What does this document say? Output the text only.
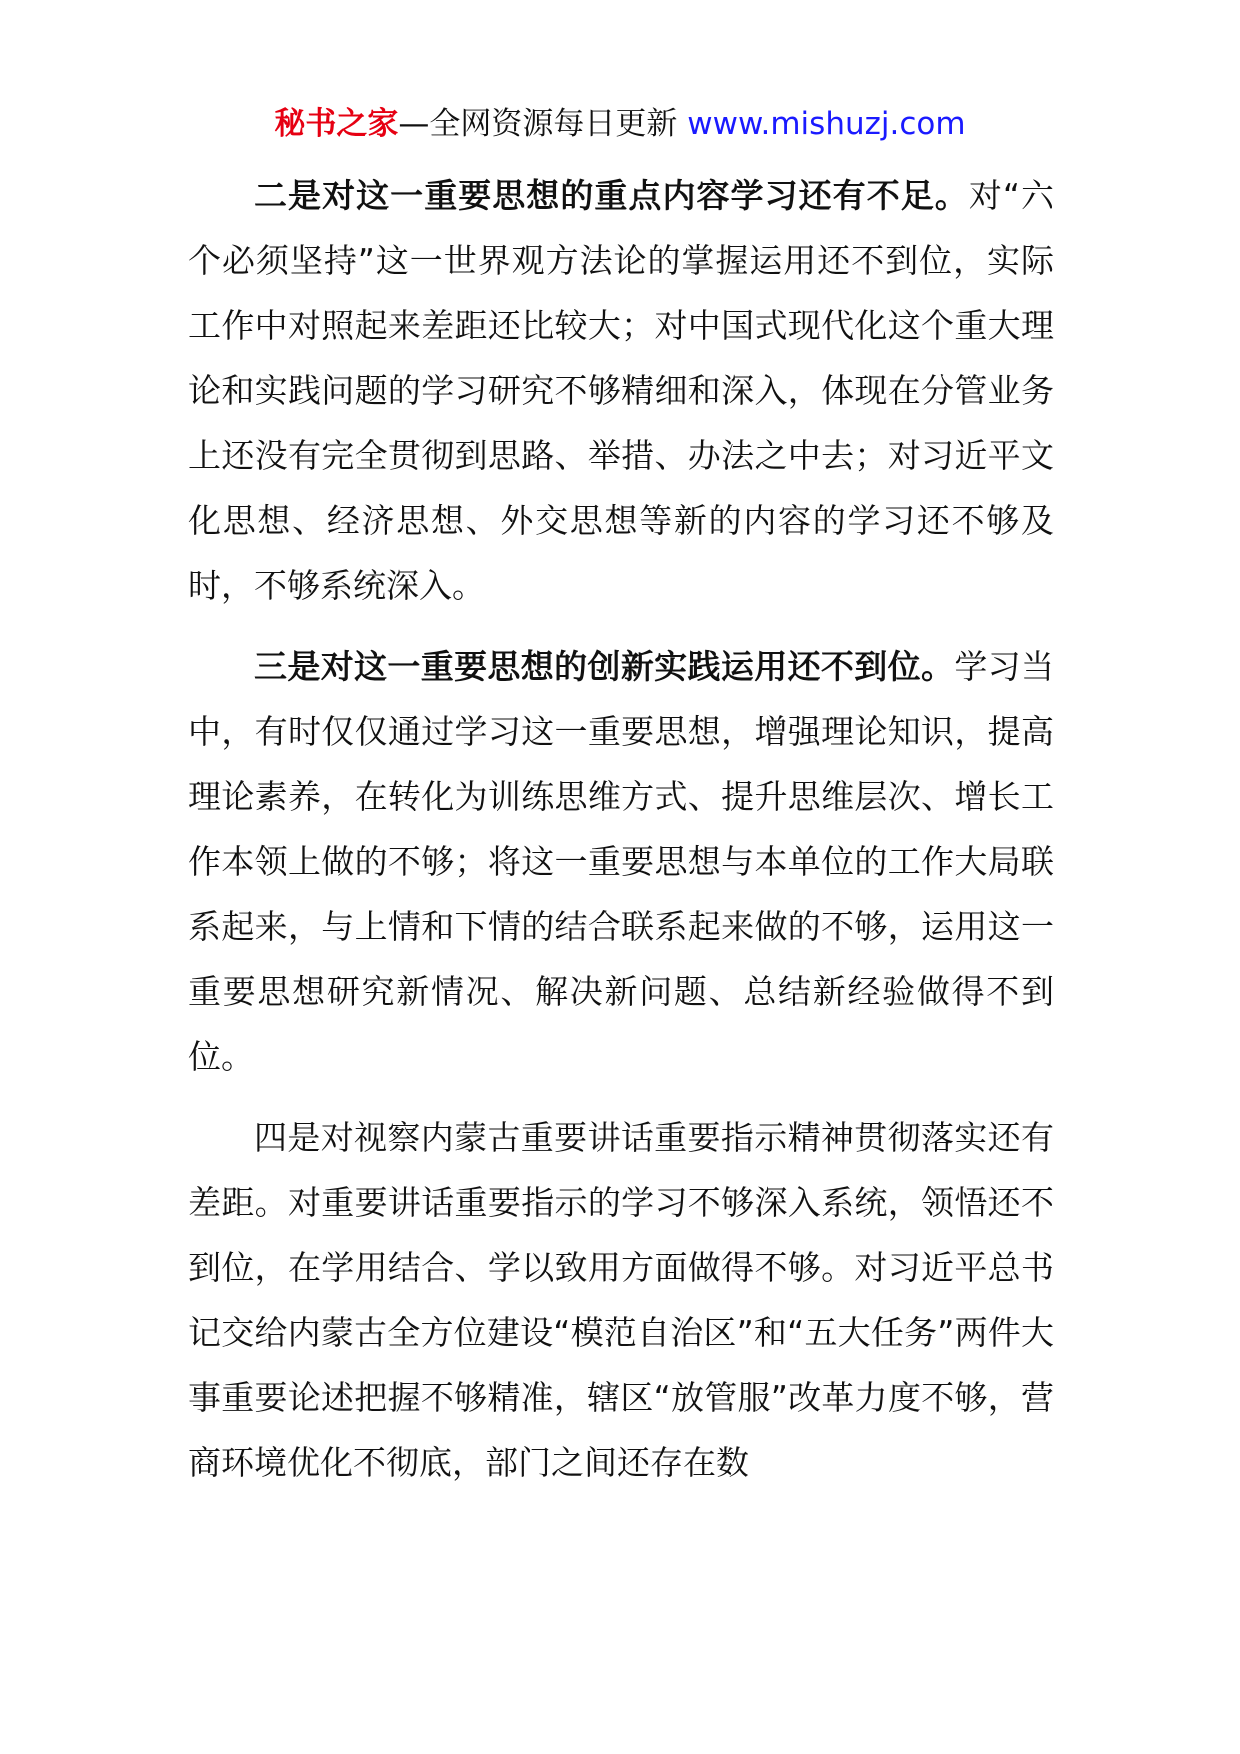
秘书之家—全网资源每日更新 www.mishuzj.com

二是对这一重要思想的重点内容学习还有不足。对“六个必须坚持”这一世界观方法论的掌握运用还不到位，实际工作中对照起来差距还比较大；对中国式现代化这个重大理论和实践问题的学习研究不够精细和深入，体现在分管业务上还没有完全贯彻到思路、举措、办法之中去；对习近平文化思想、经济思想、外交思想等新的内容的学习还不够及时，不够系统深入。

三是对这一重要思想的创新实践运用还不到位。学习当中，有时仅仅通过学习这一重要思想，增强理论知识，提高理论素养，在转化为训练思维方式、提升思维层次、增长工作本领上做的不够；将这一重要思想与本单位的工作大局联系起来，与上情和下情的结合联系起来做的不够，运用这一重要思想研究新情况、解决新问题、总结新经验做得不到位。

四是对视察内蒙古重要讲话重要指示精神贯彻落实还有差距。对重要讲话重要指示的学习不够深入系统，领悟还不到位，在学用结合、学以致用方面做得不够。对习近平总书记交给内蒙古全方位建设“模范自治区”和“五大任务”两件大事重要论述把握不够精准，辖区“放管服”改革力度不够，营商环境优化不彻底，部门之间还存在数
